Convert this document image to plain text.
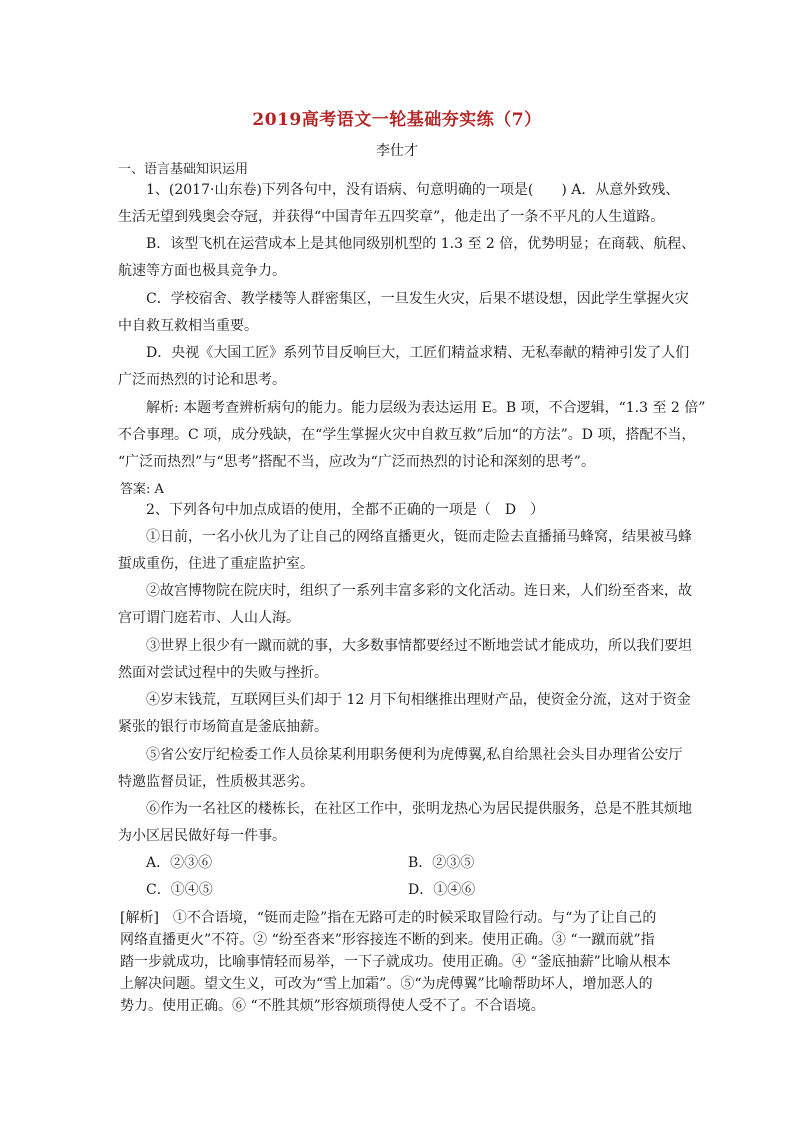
2019高考语文一轮基础夯实练（7）
李仕才
一、语言基础知识运用
1、(2017·山东卷)下列各句中，没有语病、句意明确的一项是(　　) A．从意外致残、
生活无望到残奥会夺冠，并获得“中国青年五四奖章”，他走出了一条不平凡的人生道路。
B．该型飞机在运营成本上是其他同级别机型的 1.3 至 2 倍，优势明显；在商载、航程、
航速等方面也极具竞争力。
C．学校宿舍、教学楼等人群密集区，一旦发生火灾，后果不堪设想，因此学生掌握火灾
中自救互救相当重要。
D．央视《大国工匠》系列节目反响巨大，工匠们精益求精、无私奉献的精神引发了人们
广泛而热烈的讨论和思考。
解析: 本题考查辨析病句的能力。能力层级为表达运用 E。B 项，不合逻辑，“1.3 至 2 倍”
不合事理。C 项，成分残缺，在“学生掌握火灾中自救互救”后加“的方法”。D 项，搭配不当，
“广泛而热烈”与“思考”搭配不当，应改为“广泛而热烈的讨论和深刻的思考”。
答案: A
2、下列各句中加点成语的使用，全都不正确的一项是（　D　）
①日前，一名小伙儿为了让自己的网络直播更火，铤而走险去直播捅马蜂窝，结果被马蜂
蜇成重伤，住进了重症监护室。
②故宫博物院在院庆时，组织了一系列丰富多彩的文化活动。连日来，人们纷至沓来，故
宫可谓门庭若市、人山人海。
③世界上很少有一蹴而就的事，大多数事情都要经过不断地尝试才能成功，所以我们要坦
然面对尝试过程中的失败与挫折。
④岁末钱荒，互联网巨头们却于 12 月下旬相继推出理财产品，使资金分流，这对于资金
紧张的银行市场简直是釜底抽薪。
⑤省公安厅纪检委工作人员徐某利用职务便利为虎傅翼,私自给黑社会头目办理省公安厅
特邀监督员证，性质极其恶劣。
⑥作为一名社区的楼栋长，在社区工作中，张明龙热心为居民提供服务，总是不胜其烦地
为小区居民做好每一件事。
A．②③⑥	B．②③⑤
C．①④⑤	D．①④⑥
[解析]　①不合语境，“铤而走险”指在无路可走的时候采取冒险行动。与“为了让自己的
网络直播更火”不符。② “纷至沓来”形容接连不断的到来。使用正确。③ “一蹴而就”指
踏一步就成功，比喻事情轻而易举，一下子就成功。使用正确。④ “釜底抽薪”比喻从根本
上解决问题。望文生义，可改为“雪上加霜”。⑤“为虎傅翼”比喻帮助坏人，增加恶人的
势力。使用正确。⑥ “不胜其烦”形容烦琐得使人受不了。不合语境。
